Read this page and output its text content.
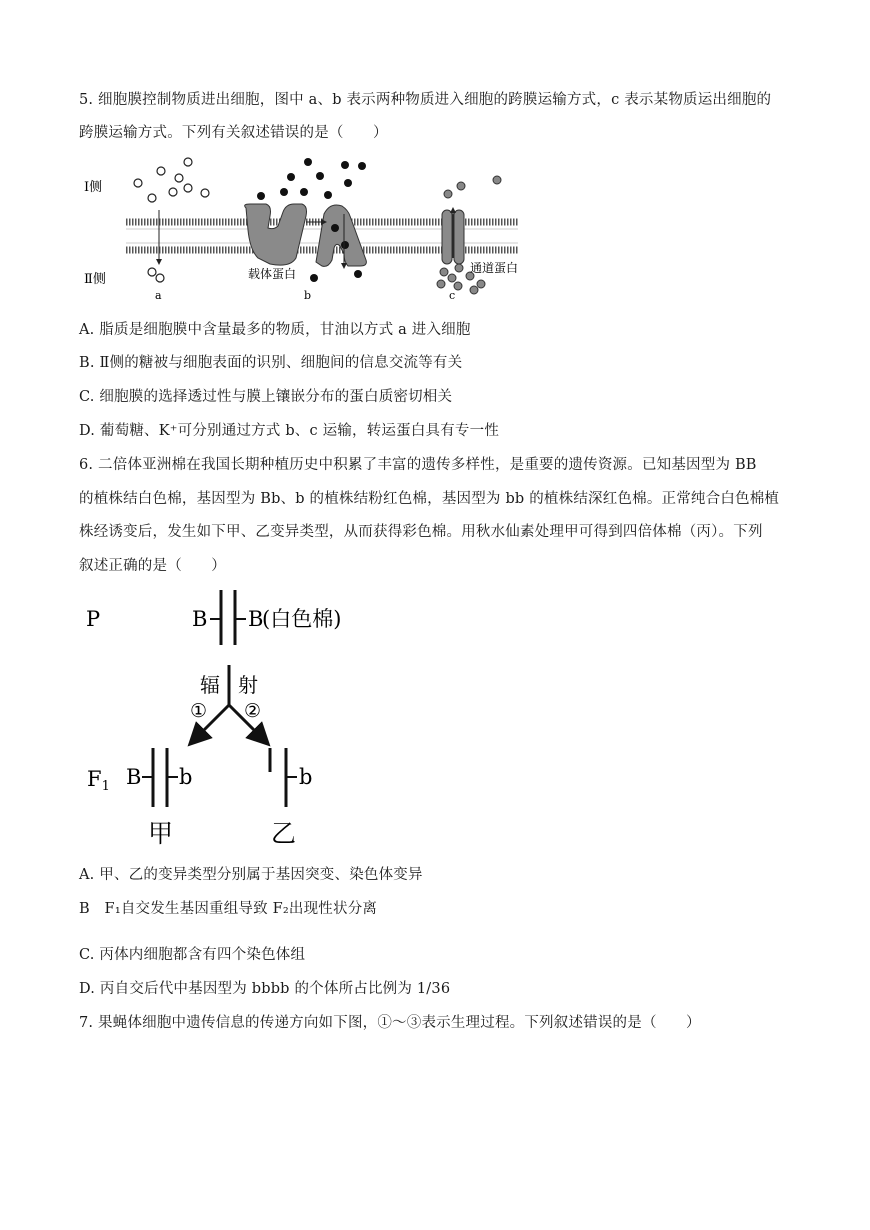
5. 细胞膜控制物质进出细胞，图中 a、b 表示两种物质进入细胞的跨膜运输方式，c 表示某物质运出细胞的
跨膜运输方式。下列有关叙述错误的是（　　）
Ⅰ侧
Ⅱ侧
a
载体蛋白
b
通道蛋白
c
A. 脂质是细胞膜中含量最多的物质，甘油以方式 a 进入细胞
B. Ⅱ侧的糖被与细胞表面的识别、细胞间的信息交流等有关
C. 细胞膜的选择透过性与膜上镶嵌分布的蛋白质密切相关
D. 葡萄糖、K⁺可分别通过方式 b、c 运输，转运蛋白具有专一性
6. 二倍体亚洲棉在我国长期种植历史中积累了丰富的遗传多样性，是重要的遗传资源。已知基因型为 BB
的植株结白色棉，基因型为 Bb、b 的植株结粉红色棉，基因型为 bb 的植株结深红色棉。正常纯合白色棉植
株经诱变后，发生如下甲、乙变异类型，从而获得彩色棉。用秋水仙素处理甲可得到四倍体棉（丙）。下列
叙述正确的是（　　）
P	B B
(白色棉)
辐 射
① ②
F1 B b
甲
b
乙
A. 甲、乙的变异类型分别属于基因突变、染色体变异
B　F₁自交发生基因重组导致 F₂出现性状分离
C. 丙体内细胞都含有四个染色体组
D. 丙自交后代中基因型为 bbbb 的个体所占比例为 1/36
7. 果蝇体细胞中遗传信息的传递方向如下图，①～③表示生理过程。下列叙述错误的是（　　）
